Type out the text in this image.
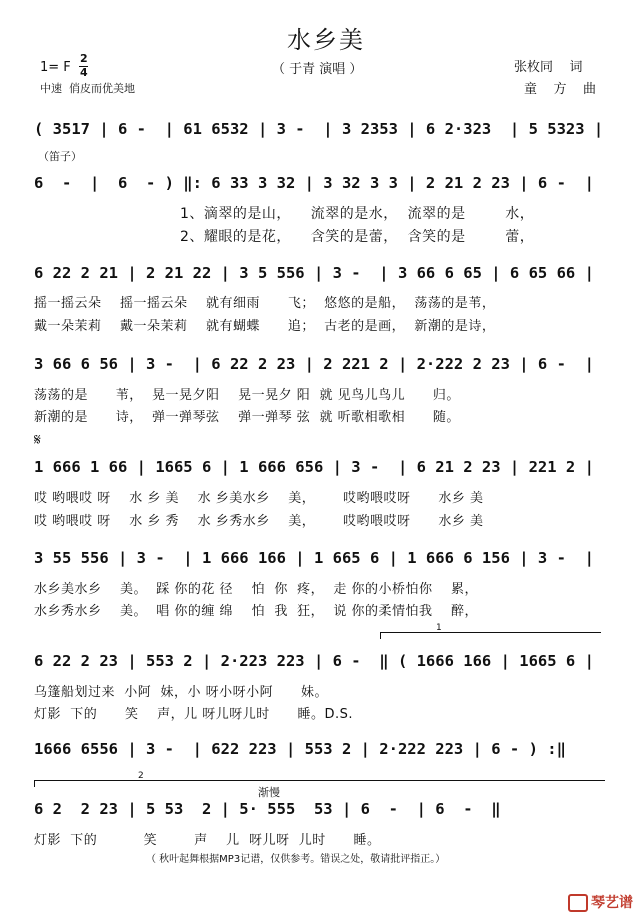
水乡美
（ 于青 演唱 ）
1= F
2
4
中速  俏皮而优美地
张枚同    词
童    方    曲
( 3517 | 6 -  | 61 6532 | 3 -  | 3 2353 | 6 2·323  | 5 5323 |
（笛子）
6  -  |  6  - ) ‖: 6 33 3 32 | 3 32 3 3 | 2 21 2 23 | 6 -  |
1、滴翠的是山，    流翠的是水，  流翠的是        水，
2、耀眼的是花，    含笑的是蕾，  含笑的是        蕾，
6 22 2 21 | 2 21 22 | 3 5 556 | 3 -  | 3 66 6 65 | 6 65 66 |
摇一摇云朵    摇一摇云朵    就有细雨      飞；  悠悠的是船，  荡荡的是苇，
戴一朵茉莉    戴一朵茉莉    就有蝴蝶      追；  古老的是画，  新潮的是诗，
3 66 6 56 | 3 -  | 6 22 2 23 | 2 221 2 | 2·222 2 23 | 6 -  |
荡荡的是      苇，  晃一晃夕阳    晃一晃夕 阳  就 见鸟儿鸟儿      归。
新潮的是      诗，  弹一弹琴弦    弹一弹琴 弦  就 听歌相歌相      随。
𝄋
1 666 1 66 | 1665 6 | 1 666 656 | 3 -  | 6 21 2 23 | 221 2 |
哎 哟喂哎 呀    水 乡 美    水 乡美水乡    美，      哎哟喂哎呀      水乡 美
哎 哟喂哎 呀    水 乡 秀    水 乡秀水乡    美，      哎哟喂哎呀      水乡 美
3 55 556 | 3 -  | 1 666 166 | 1 665 6 | 1 666 6 156 | 3 -  |
水乡美水乡    美。  踩 你的花 径    怕  你  疼，  走 你的小桥怕你    累，
水乡秀水乡    美。  唱 你的缠 绵    怕  我  狂，  说 你的柔情怕我    醉，
1
6 22 2 23 | 553 2 | 2·223 223 | 6 -  ‖ ( 1666 166 | 1665 6 |
乌篷船划过来  小阿  妹，小 呀小呀小阿      妹。
灯影  下的      笑    声，儿 呀儿呀儿时      睡。D.S.
1666 6556 | 3 -  | 622 223 | 553 2 | 2·222 223 | 6 - ) :‖
2
渐慢
6 2  2 23 | 5 53  2 | 5· 555  53 | 6  -  | 6  -  ‖
灯影  下的          笑        声    儿  呀儿呀  儿时      睡。
（ 秋叶起舞根据MP3记谱，仅供参考。错误之处，敬请批评指正。）
琴艺谱
